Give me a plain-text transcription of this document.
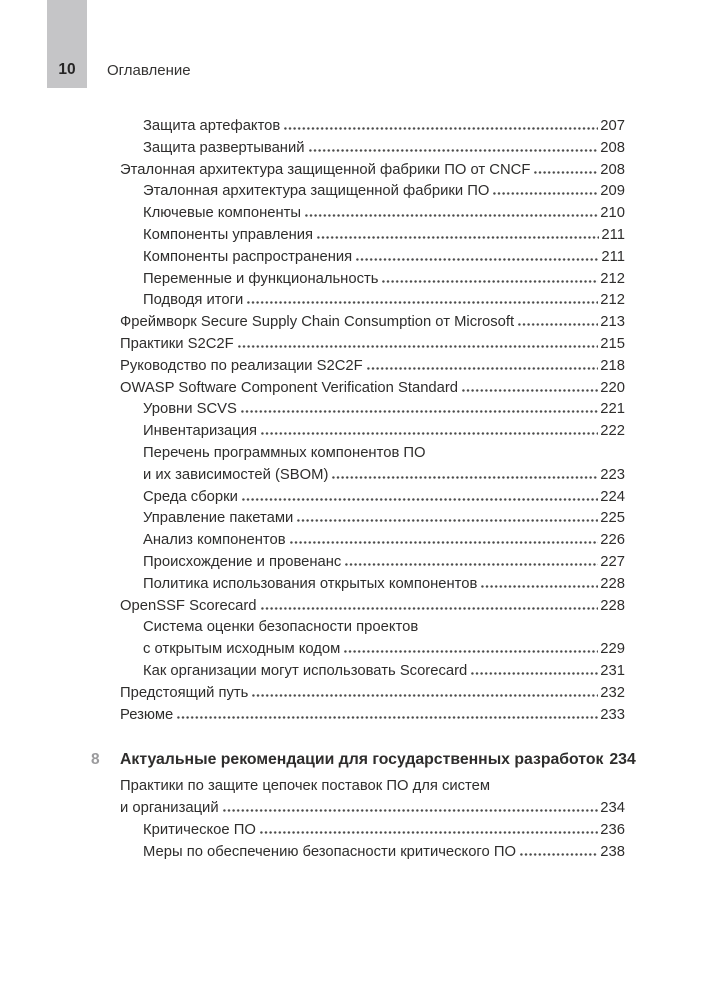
10 Оглавление
Защита артефактов	207
Защита развертываний	208
Эталонная архитектура защищенной фабрики ПО от CNCF	208
Эталонная архитектура защищенной фабрики ПО	209
Ключевые компоненты	210
Компоненты управления	211
Компоненты распространения	211
Переменные и функциональность	212
Подводя итоги	212
Фреймворк Secure Supply Chain Consumption от Microsoft	213
Практики S2C2F	215
Руководство по реализации S2C2F	218
OWASP Software Component Verification Standard	220
Уровни SCVS	221
Инвентаризация	222
Перечень программных компонентов ПО
и их зависимостей (SBOM)	223
Среда сборки	224
Управление пакетами	225
Анализ компонентов	226
Происхождение и провенанс	227
Политика использования открытых компонентов	228
OpenSSF Scorecard	228
Система оценки безопасности проектов
с открытым исходным кодом	229
Как организации могут использовать Scorecard	231
Предстоящий путь	232
Резюме	233
8 Актуальные рекомендации для государственных разработок 234
Практики по защите цепочек поставок ПО для систем
и организаций	234
Критическое ПО	236
Меры по обеспечению безопасности критического ПО	238
